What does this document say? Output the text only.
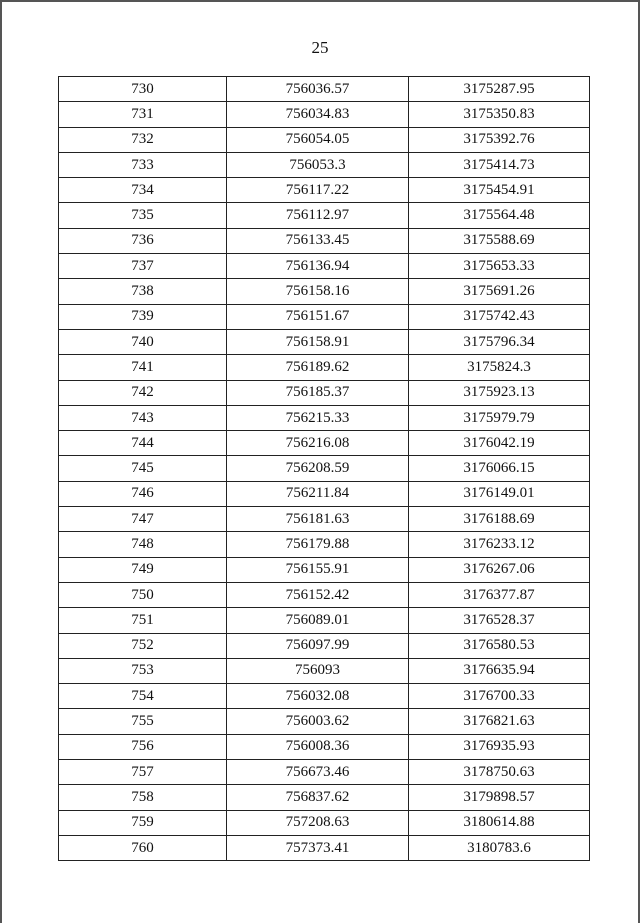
25
730	756036.57	3175287.95
731	756034.83	3175350.83
732	756054.05	3175392.76
733	756053.3	3175414.73
734	756117.22	3175454.91
735	756112.97	3175564.48
736	756133.45	3175588.69
737	756136.94	3175653.33
738	756158.16	3175691.26
739	756151.67	3175742.43
740	756158.91	3175796.34
741	756189.62	3175824.3
742	756185.37	3175923.13
743	756215.33	3175979.79
744	756216.08	3176042.19
745	756208.59	3176066.15
746	756211.84	3176149.01
747	756181.63	3176188.69
748	756179.88	3176233.12
749	756155.91	3176267.06
750	756152.42	3176377.87
751	756089.01	3176528.37
752	756097.99	3176580.53
753	756093	3176635.94
754	756032.08	3176700.33
755	756003.62	3176821.63
756	756008.36	3176935.93
757	756673.46	3178750.63
758	756837.62	3179898.57
759	757208.63	3180614.88
760	757373.41	3180783.6
